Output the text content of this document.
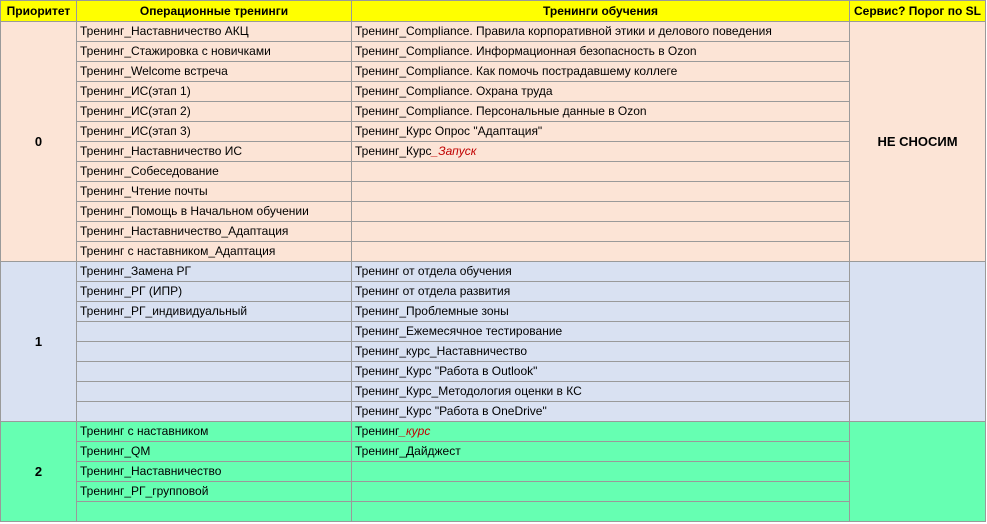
Приоритет	Операционные тренинги	Тренинги обучения	Сервис? Порог по SL
0	Тренинг_Наставничество АКЦ	Тренинг_Compliance. Правила корпоративной этики и делового поведения	НЕ СНОСИМ
	Тренинг_Стажировка с новичками	Тренинг_Compliance. Информационная безопасность в Ozon	
	Тренинг_Welcome встреча	Тренинг_Compliance. Как помочь пострадавшему коллеге	
	Тренинг_ИС(этап 1)	Тренинг_Compliance. Охрана труда	
	Тренинг_ИС(этап 2)	Тренинг_Compliance. Персональные данные в Ozon	
	Тренинг_ИС(этап 3)	Тренинг_Курс Опрос "Адаптация"	
	Тренинг_Наставничество ИС	Тренинг_Курс_Запуск	
	Тренинг_Собеседование		
	Тренинг_Чтение почты		
	Тренинг_Помощь в Начальном обучении		
	Тренинг_Наставничество_Адаптация		
	Тренинг с наставником_Адаптация		
1	Тренинг_Замена РГ	Тренинг от отдела обучения	
	Тренинг_РГ (ИПР)	Тренинг от отдела развития	
	Тренинг_РГ_индивидуальный	Тренинг_Проблемные зоны	
		Тренинг_Ежемесячное тестирование	
		Тренинг_курс_Наставничество	
		Тренинг_Курс "Работа в Outlook"	
		Тренинг_Курс_Методология оценки в КС	
		Тренинг_Курс "Работа в OneDrive"	
2	Тренинг с наставником	Тренинг_курс	
	Тренинг_QM	Тренинг_Дайджест	
	Тренинг_Наставничество		
	Тренинг_РГ_групповой		
